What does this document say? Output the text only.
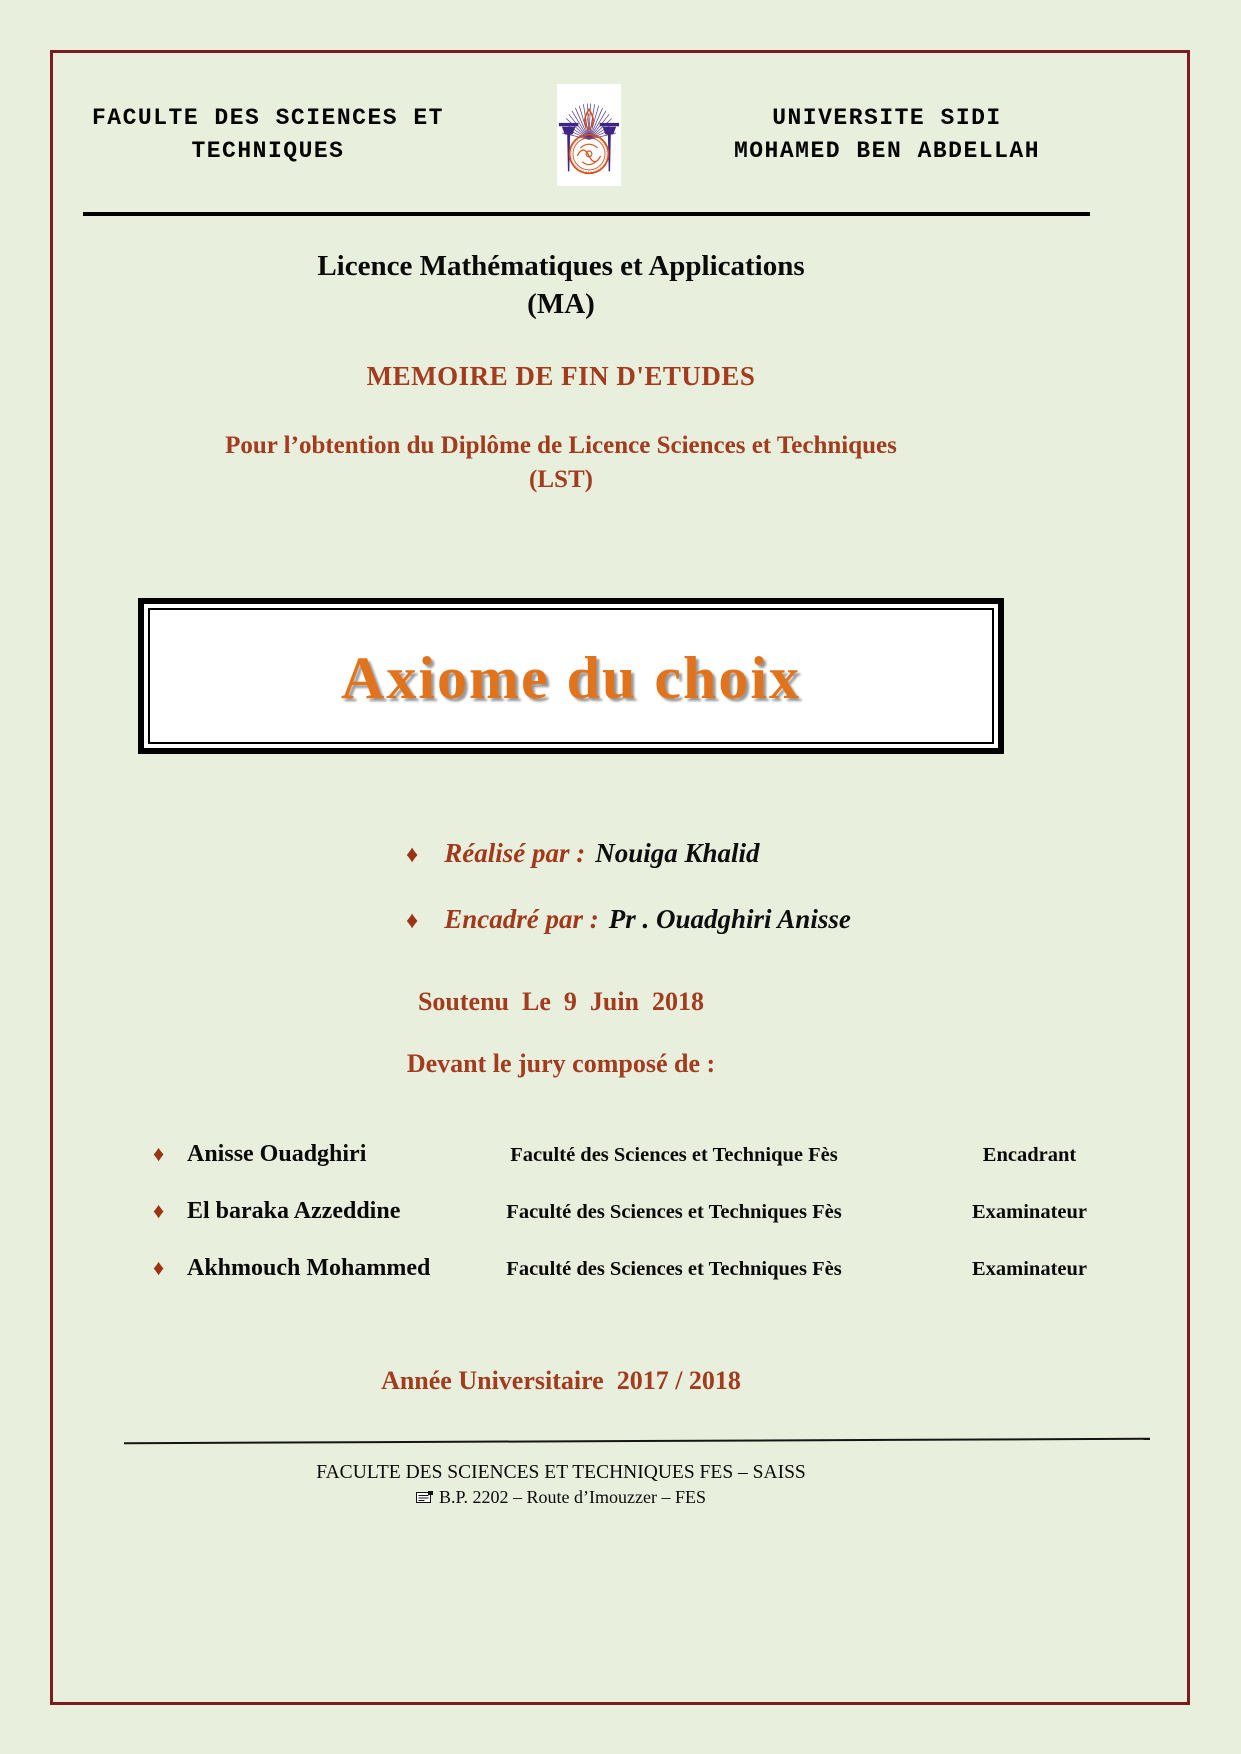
FACULTE DES SCIENCES ET
TECHNIQUES
UNIVERSITE SIDI
MOHAMED BEN ABDELLAH
Licence Mathématiques et Applications
(MA)
MEMOIRE DE FIN D'ETUDES
Pour l’obtention du Diplôme de Licence Sciences et Techniques
(LST)
Axiome du choix
♦ Réalisé par : Nouiga Khalid
♦ Encadré par : Pr . Ouadghiri Anisse
Soutenu  Le  9  Juin  2018
Devant le jury composé de :
♦ Anisse Ouadghiri	Faculté des Sciences et Technique Fès	Encadrant
♦ El baraka Azzeddine	Faculté des Sciences et Techniques Fès	Examinateur
♦ Akhmouch Mohammed	Faculté des Sciences et Techniques Fès	Examinateur
Année Universitaire  2017 / 2018
FACULTE DES SCIENCES ET TECHNIQUES FES – SAISS
B.P. 2202 – Route d’Imouzzer – FES
